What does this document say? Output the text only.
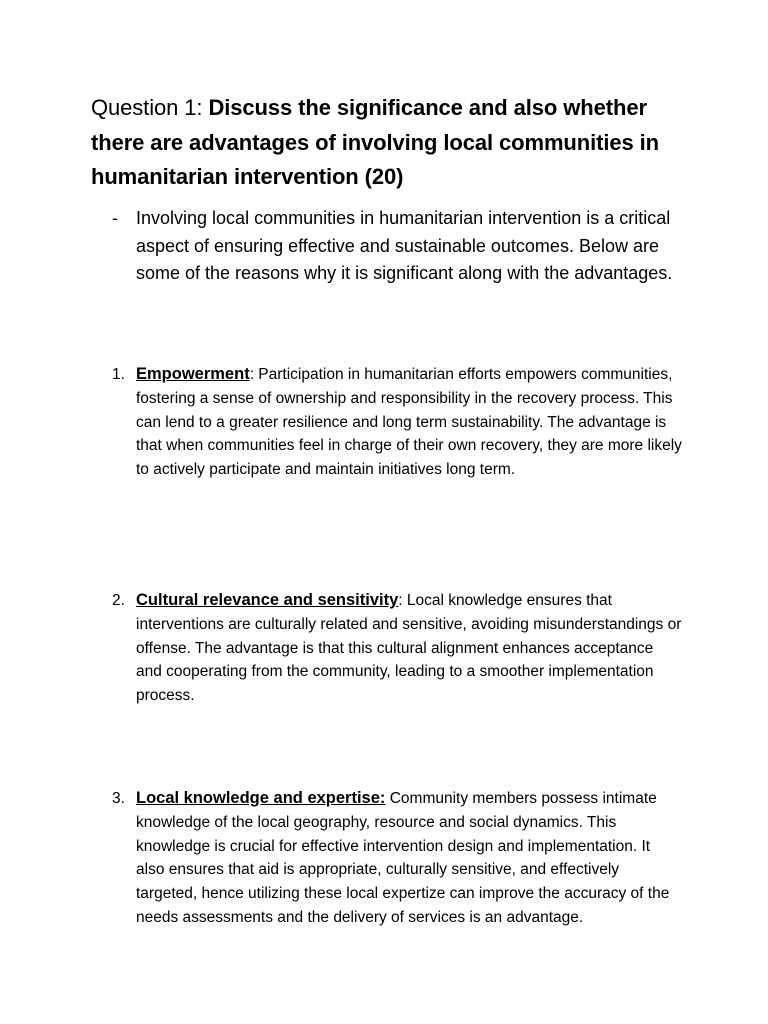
Question 1: Discuss the significance and also whether there are advantages of involving local communities in humanitarian intervention (20)
- Involving local communities in humanitarian intervention is a critical aspect of ensuring effective and sustainable outcomes. Below are some of the reasons why it is significant along with the advantages.
1. Empowerment: Participation in humanitarian efforts empowers communities, fostering a sense of ownership and responsibility in the recovery process. This can lend to a greater resilience and long term sustainability. The advantage is that when communities feel in charge of their own recovery, they are more likely to actively participate and maintain initiatives long term.
2. Cultural relevance and sensitivity: Local knowledge ensures that interventions are culturally related and sensitive, avoiding misunderstandings or offense. The advantage is that this cultural alignment enhances acceptance and cooperating from the community, leading to a smoother implementation process.
3. Local knowledge and expertise: Community members possess intimate knowledge of the local geography, resource and social dynamics. This knowledge is crucial for effective intervention design and implementation. It also ensures that aid is appropriate, culturally sensitive, and effectively targeted, hence utilizing these local expertize can improve the accuracy of the needs assessments and the delivery of services is an advantage.
